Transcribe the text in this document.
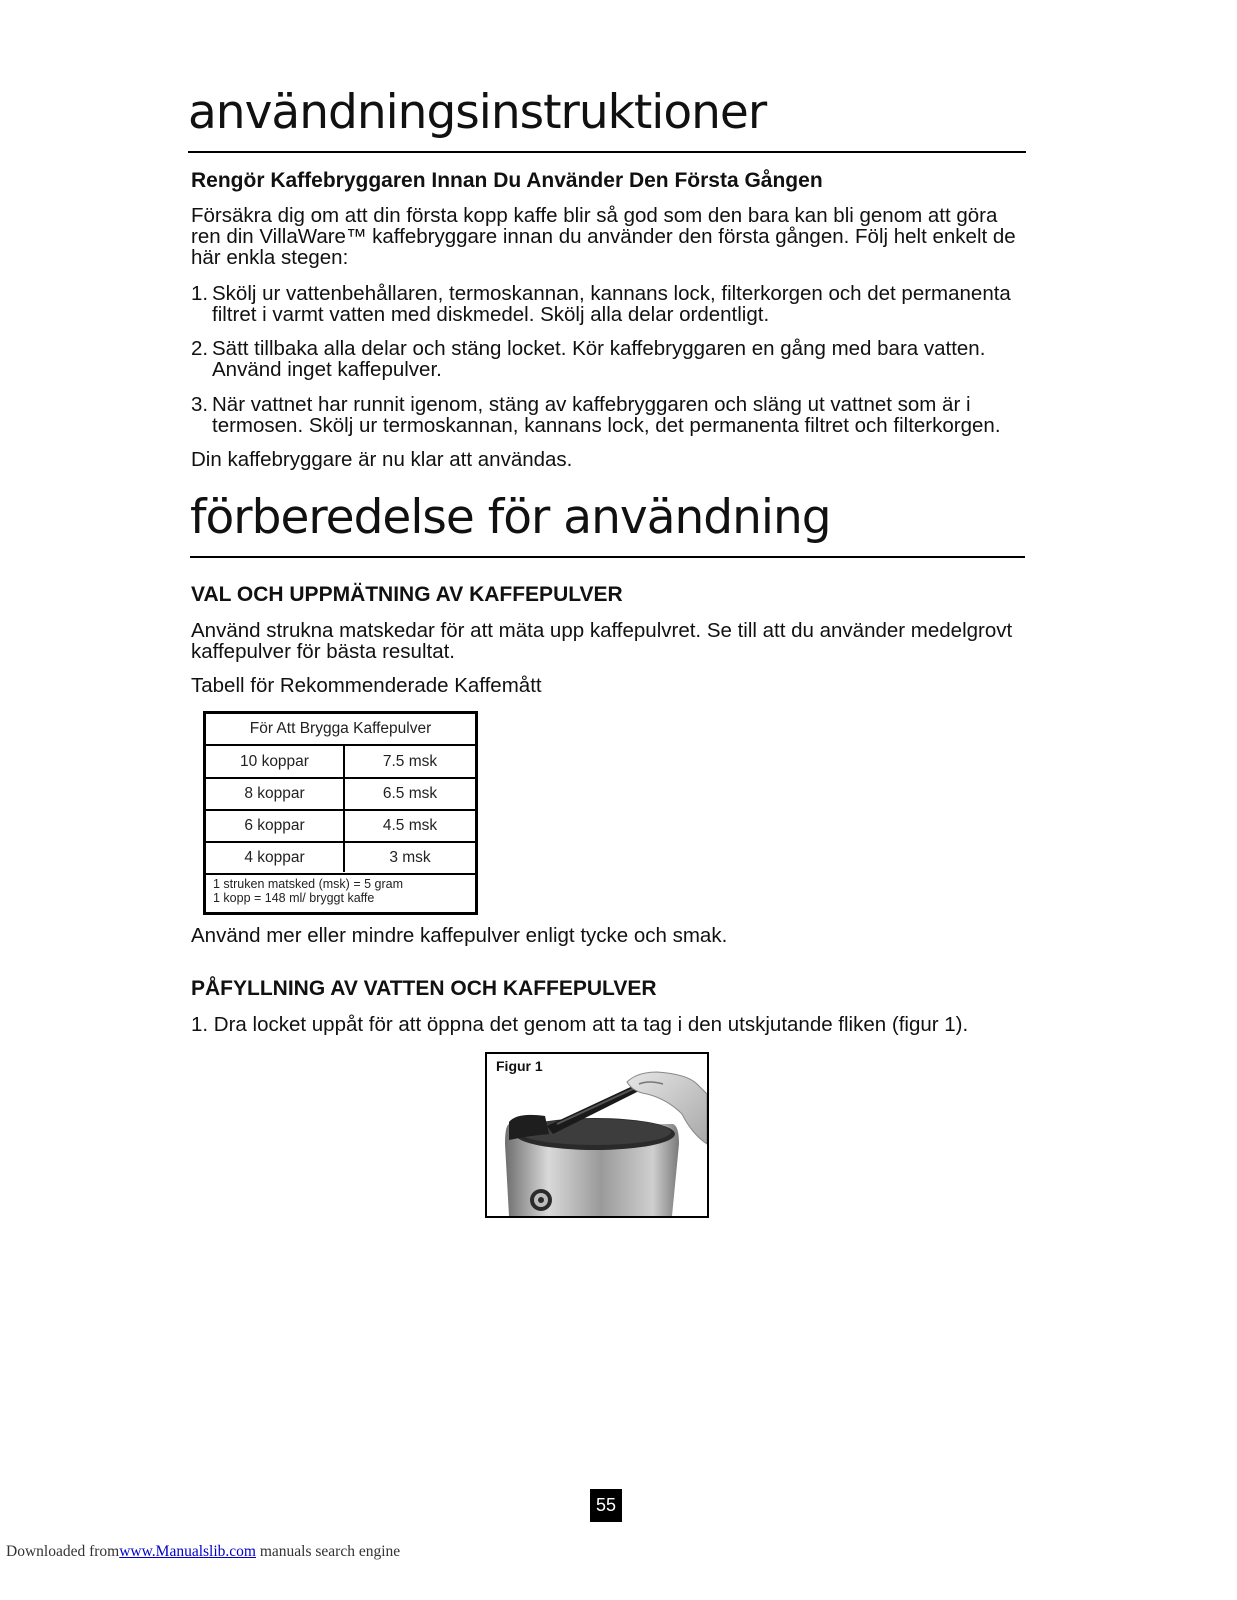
användningsinstruktioner
Rengör Kaffebryggaren Innan Du Använder Den Första Gången

Försäkra dig om att din första kopp kaffe blir så god som den bara kan bli genom att göra ren din VillaWare™ kaffebryggare innan du använder den första gången. Följ helt enkelt de här enkla stegen:

1. Skölj ur vattenbehållaren, termoskannan, kannans lock, filterkorgen och det permanenta filtret i varmt vatten med diskmedel. Skölj alla delar ordentligt.
2. Sätt tillbaka alla delar och stäng locket. Kör kaffebryggaren en gång med bara vatten. Använd inget kaffepulver.
3. När vattnet har runnit igenom, stäng av kaffebryggaren och släng ut vattnet som är i termosen. Skölj ur termoskannan, kannans lock, det permanenta filtret och filterkorgen.

Din kaffebryggare är nu klar att användas.

förberedelse för användning
VAL OCH UPPMÄTNING AV KAFFEPULVER

Använd strukna matskedar för att mäta upp kaffepulvret. Se till att du använder medelgrovt kaffepulver för bästa resultat.

Tabell för Rekommenderade Kaffemått

För Att Brygga Kaffepulver
10 koppar	7.5 msk
8 koppar	6.5 msk
6 koppar	4.5 msk
4 koppar	3 msk
1 struken matsked (msk) = 5 gram
1 kopp = 148 ml/ bryggt kaffe

Använd mer eller mindre kaffepulver enligt tycke och smak.

PÅFYLLNING AV VATTEN OCH KAFFEPULVER

1. Dra locket uppåt för att öppna det genom att ta tag i den utskjutande fliken (figur 1).

Figur 1
55
Downloaded fromwww.Manualslib.com manuals search engine
